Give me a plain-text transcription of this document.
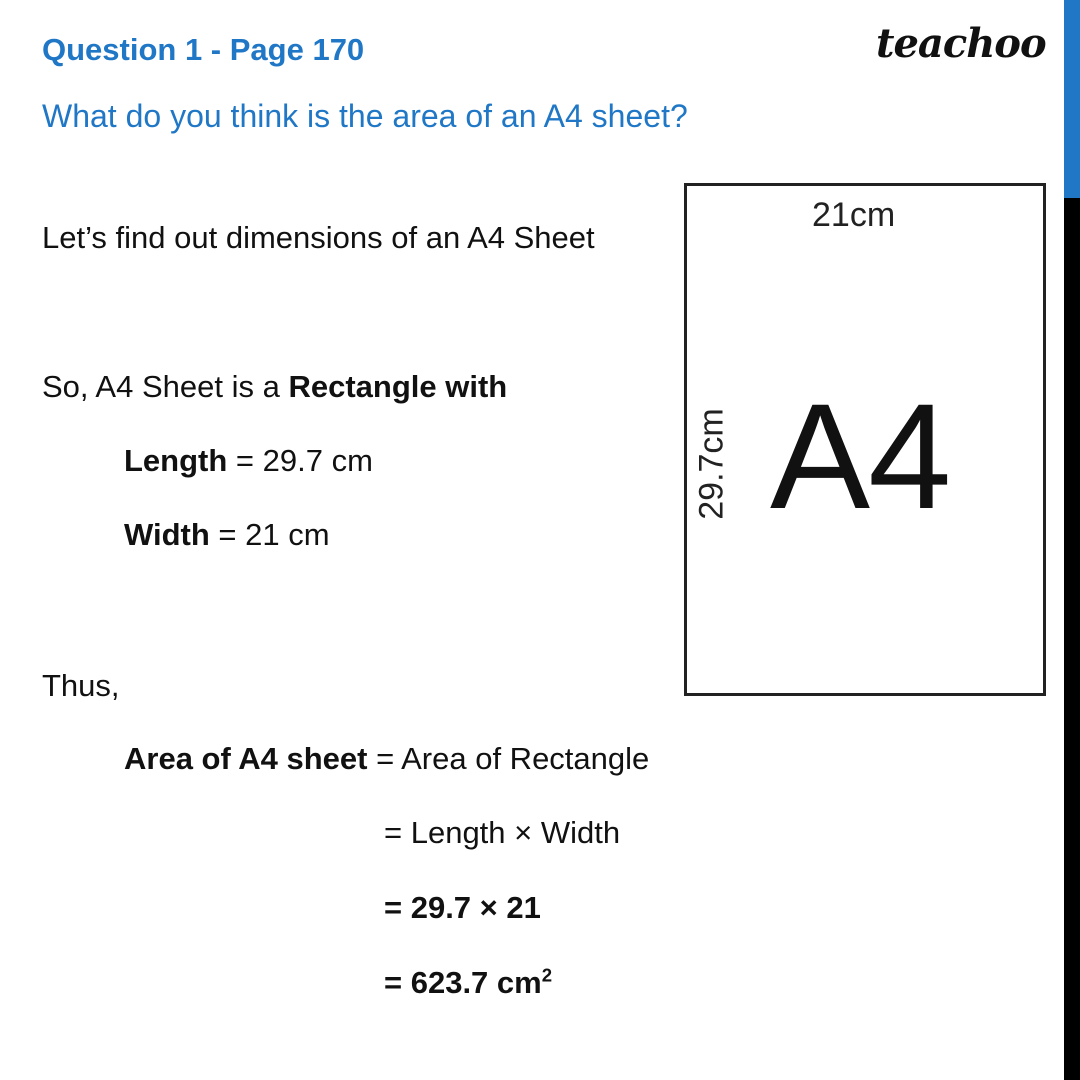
Question 1 - Page 170
What do you think is the area of an A4 sheet?
teachoo
Let’s find out dimensions of an A4 Sheet
So, A4 Sheet is a Rectangle with
Length = 29.7 cm
Width = 21 cm
Thus,
Area of A4 sheet = Area of Rectangle
= Length × Width
= 29.7 × 21
= 623.7 $cm^2$
21cm
29.7cm A4
